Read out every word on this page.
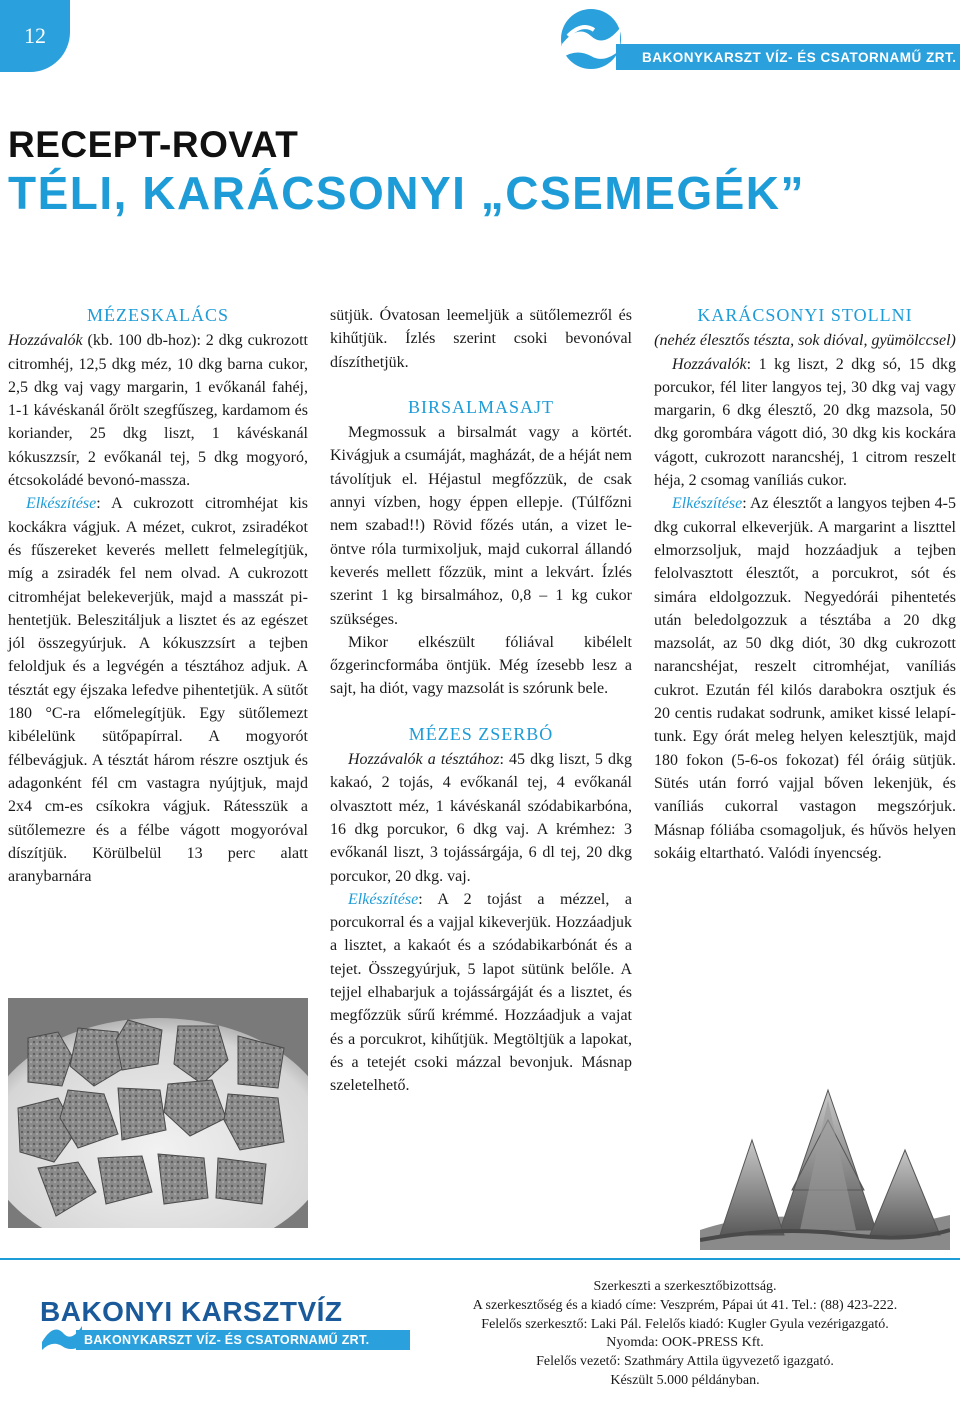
12
BAKONYKARSZT VÍZ- ÉS CSATORNAMŰ ZRT.
RECEPT-ROVAT
TÉLI, KARÁCSONYI „CSEMEGÉK”
MÉZESKALÁCS

Hozzávalók (kb. 100 db-hoz): 2 dkg cukrozott citromhéj, 12,5 dkg méz, 10 dkg barna cukor, 2,5 dkg vaj vagy margarin, 1 evőkanál fahéj, 1-1 kávéskanál őrölt szegfűszeg, kardamom és koriander, 25 dkg liszt, 1 kávéskanál kókuszzsír, 2 evőkanál tej, 5 dkg mogyoró, étcsokoládé bevonó-massza.

Elkészítése: A cukrozott citromhéjat kis kockákra vágjuk. A mézet, cukrot, zsiradékot és fűszereket keverés mellett felmelegítjük, míg a zsiradék fel nem olvad. A cukrozott citromhéjat belekeverjük, majd a masszát pihentetjük. Beleszitáljuk a lisztet és az egészet jól összegyúrjuk. A kókuszzsírt a tejben feloldjuk és a legvégén a tésztához adjuk. A tésztát egy éjszaka lefedve pihentetjük. A sütőt 180 °C-ra előmelegítjük. Egy sütőlemezt kibélelünk sütőpapírral. A mogyorót félbevágjuk. A tésztát három részre osztjuk és adagonként fél cm vastagra nyújtjuk, majd 2x4 cm-es csíkokra vágjuk. Rátesszük a sütőlemezre és a félbe vágott mogyoróval díszítjük. Körülbelül 13 perc alatt aranybarnára

sütjük. Óvatosan leemeljük a sütőlemezről és kihűtjük. Ízlés szerint csoki bevonóval díszíthetjük.

BIRSALMASAJT

Megmossuk a birsalmát vagy a körtét. Kivágjuk a csumáját, magházát, de a héját nem távolítjuk el. Héjastul megfőzzük, de csak annyi vízben, hogy éppen ellepje. (Túlfőzni nem szabad!!) Rövid főzés után, a vizet leöntve róla turmixoljuk, majd cukorral állandó keverés mellett főzzük, mint a lekvárt. Ízlés szerint 1 kg birsalmához, 0,8 – 1 kg cukor szükséges.

Mikor elkészült fóliával kibélelt őzgerincformába öntjük. Még ízesebb lesz a sajt, ha diót, vagy mazsolát is szórunk bele.

MÉZES ZSERBÓ

Hozzávalók a tésztához: 45 dkg liszt, 5 dkg kakaó, 2 tojás, 4 evőkanál tej, 4 evőkanál olvasztott méz, 1 kávéskanál szódabikarbóna, 16 dkg porcukor, 6 dkg vaj. A krémhez: 3 evőkanál liszt, 3 tojássárgája, 6 dl tej, 20 dkg porcukor, 20 dkg. vaj.

Elkészítése: A 2 tojást a mézzel, a porcukorral és a vajjal kikeverjük. Hozzáadjuk a lisztet, a kakaót és a szódabikarbónát és a tejet. Összegyúrjuk, 5 lapot sütünk belőle. A tejjel elhabarjuk a tojássárgáját és a lisztet, és megfőzzük sűrű krémmé. Hozzáadjuk a vajat és a porcukrot, kihűtjük. Megtöltjük a lapokat, és a tetejét csoki mázzal bevonjuk. Másnap szeletelhető.

KARÁCSONYI STOLLNI

(nehéz élesztős tészta, sok dióval, gyümölccsel)

Hozzávalók: 1 kg liszt, 2 dkg só, 15 dkg porcukor, fél liter langyos tej, 30 dkg vaj vagy margarin, 6 dkg élesztő, 20 dkg mazsola, 50 dkg gorombára vágott dió, 30 dkg kis kockára vágott, cukrozott narancshéj, 1 citrom reszelt héja, 2 csomag vaníliás cukor.

Elkészítése: Az élesztőt a langyos tejben 4-5 dkg cukorral elkeverjük. A margarint a liszttel elmorzsoljuk, majd hozzáadjuk a tejben felolvasztott élesztőt, a porcukrot, sót és simára eldolgozzuk. Negyedórái pihentetés után beledolgozzuk a tésztába a 20 dkg mazsolát, az 50 dkg diót, 30 dkg cukrozott narancshéjat, reszelt citromhéjat, vaníliás cukrot. Ezután fél kilós darabokra osztjuk és 20 centis rudakat sodrunk, amiket kissé lelapítunk. Egy órát meleg helyen kelesztjük, majd 180 fokon (5-6-os fokozat) fél óráig sütjük. Sütés után forró vajjal bőven lekenjük, és vaníliás cukorral vastagon megszórjuk. Másnap fóliába csomagoljuk, és hűvös helyen sokáig eltartható. Valódi ínyencség.

BAKONYI KARSZTVÍZ
BAKONYKARSZT VÍZ- ÉS CSATORNAMŰ ZRT.
Szerkeszti a szerkesztőbizottság.
A szerkesztőség és a kiadó címe: Veszprém, Pápai út 41. Tel.: (88) 423-222.
Felelős szerkesztő: Laki Pál. Felelős kiadó: Kugler Gyula vezérigazgató.
Nyomda: OOK-PRESS Kft.
Felelős vezető: Szathmáry Attila ügyvezető igazgató.
Készült 5.000 példányban.
